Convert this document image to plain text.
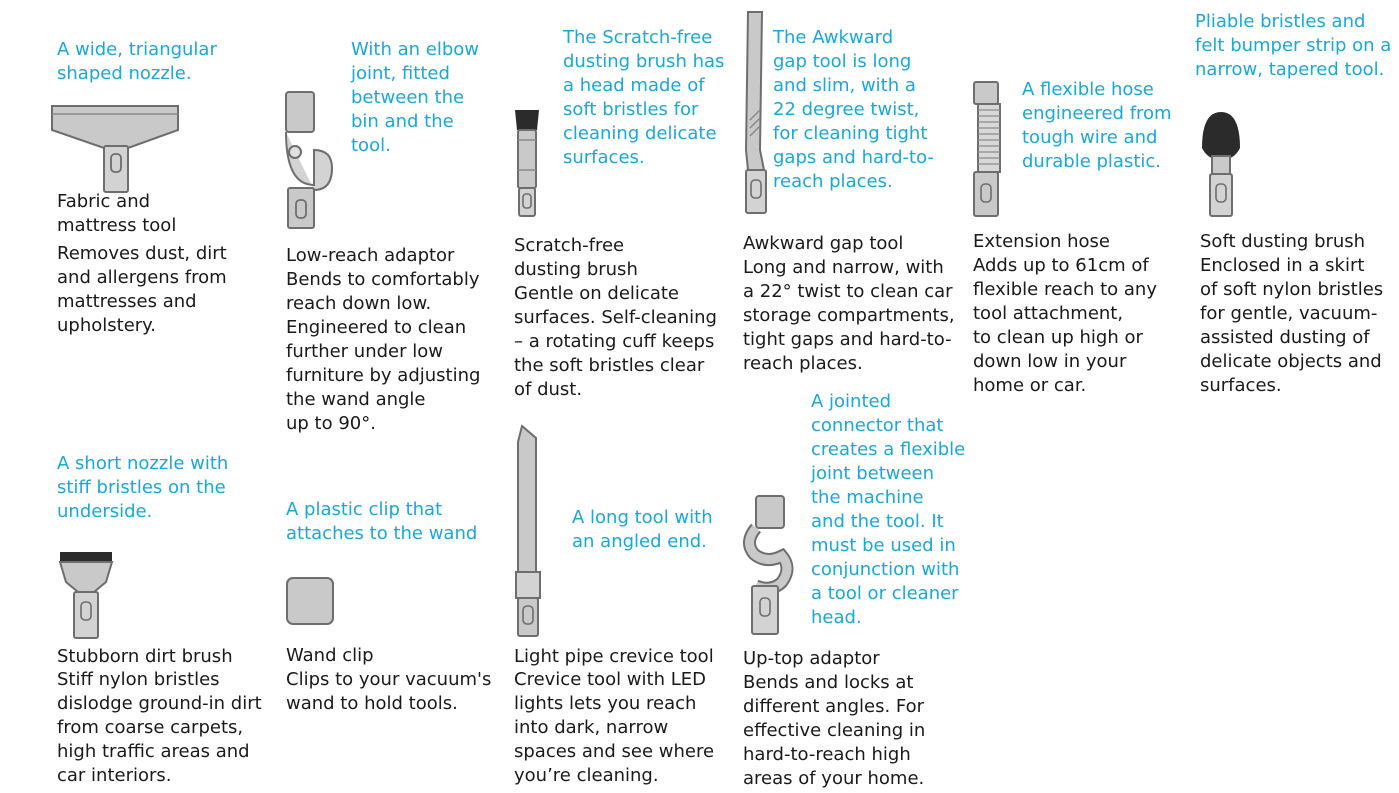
A wide, triangular
shaped nozzle.

Fabric and
mattress tool

Removes dust, dirt
and allergens from
mattresses and
upholstery.

With an elbow
joint, fitted
between the
bin and the
tool.

Low-reach adaptor

Bends to comfortably
reach down low.
Engineered to clean
further under low
furniture by adjusting
the wand angle
up to 90°.

The Scratch-free
dusting brush has
a head made of
soft bristles for
cleaning delicate
surfaces.

Scratch-free
dusting brush

Gentle on delicate
surfaces. Self-cleaning
– a rotating cuff keeps
the soft bristles clear
of dust.

The Awkward
gap tool is long
and slim, with a
22 degree twist,
for cleaning tight
gaps and hard-to-
reach places.

Awkward gap tool

Long and narrow, with
a 22° twist to clean car
storage compartments,
tight gaps and hard-to-
reach places.

A flexible hose
engineered from
tough wire and
durable plastic.

Extension hose

Adds up to 61cm of
flexible reach to any
tool attachment,
to clean up high or
down low in your
home or car.

Pliable bristles and
felt bumper strip on a
narrow, tapered tool.

Soft dusting brush

Enclosed in a skirt
of soft nylon bristles
for gentle, vacuum-
assisted dusting of
delicate objects and
surfaces.

A short nozzle with
stiff bristles on the
underside.

Stubborn dirt brush

Stiff nylon bristles
dislodge ground-in dirt
from coarse carpets,
high traffic areas and
car interiors.

A plastic clip that
attaches to the wand

Wand clip

Clips to your vacuum's
wand to hold tools.

A long tool with
an angled end.

Light pipe crevice tool

Crevice tool with LED
lights lets you reach
into dark, narrow
spaces and see where
you’re cleaning.

A jointed
connector that
creates a flexible
joint between
the machine
and the tool. It
must be used in
conjunction with
a tool or cleaner
head.

Up-top adaptor

Bends and locks at
different angles. For
effective cleaning in
hard-to-reach high
areas of your home.
